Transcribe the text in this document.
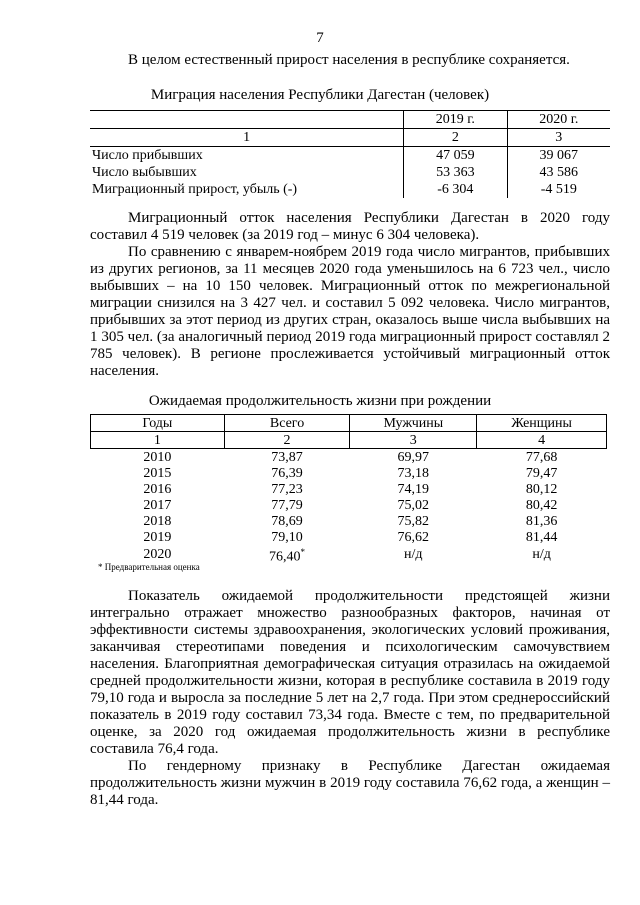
7
В целом естественный прирост населения в республике сохраняется.
Миграция населения Республики Дагестан (человек)
	2019 г.	2020 г.
1	2	3
Число прибывших	47 059	39 067
Число выбывших	53 363	43 586
Миграционный прирост, убыль (-)	-6 304	-4 519

Миграционный отток населения Республики Дагестан в 2020 году составил 4 519 человек (за 2019 год – минус 6 304 человека).

По сравнению с январем-ноябрем 2019 года число мигрантов, прибывших из других регионов, за 11 месяцев 2020 года уменьшилось на 6 723 чел., число выбывших – на 10 150 человек. Миграционный отток по межрегиональной миграции снизился на 3 427 чел. и составил 5 092 человека. Число мигрантов, прибывших за этот период из других стран, оказалось выше числа выбывших на 1 305 чел. (за аналогичный период 2019 года миграционный прирост составлял 2 785 человек). В регионе прослеживается устойчивый миграционный отток населения.

Ожидаемая продолжительность жизни при рождении
Годы	Всего	Мужчины	Женщины
1	2	3	4
2010	73,87	69,97	77,68
2015	76,39	73,18	79,47
2016	77,23	74,19	80,12
2017	77,79	75,02	80,42
2018	78,69	75,82	81,36
2019	79,10	76,62	81,44
2020	76,40*	н/д	н/д
* Предварительная оценка

Показатель ожидаемой продолжительности предстоящей жизни интегрально отражает множество разнообразных факторов, начиная от эффективности системы здравоохранения, экологических условий проживания, заканчивая стереотипами поведения и психологическим самочувствием населения. Благоприятная демографическая ситуация отразилась на ожидаемой средней продолжительности жизни, которая в республике составила в 2019 году 79,10 года и выросла за последние 5 лет на 2,7 года. При этом среднероссийский показатель в 2019 году составил 73,34 года. Вместе с тем, по предварительной оценке, за 2020 год ожидаемая продолжительность жизни в республике составила 76,4 года.

По гендерному признаку в Республике Дагестан ожидаемая продолжительность жизни мужчин в 2019 году составила 76,62 года, а женщин – 81,44 года.
